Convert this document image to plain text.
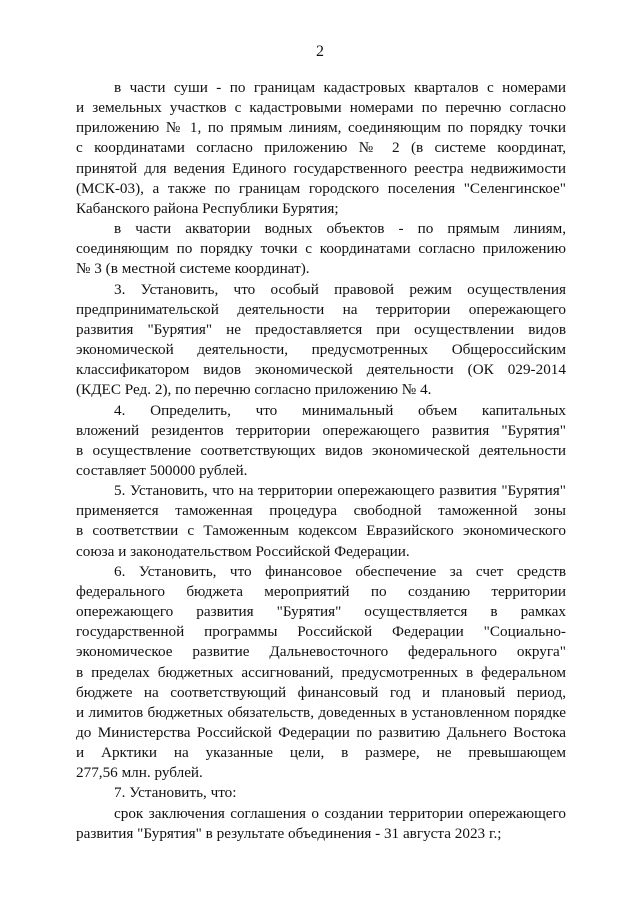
2
в части суши - по границам кадастровых кварталов с номерами
и земельных участков с кадастровыми номерами по перечню согласно
приложению № 1, по прямым линиям, соединяющим по порядку точки
с координатами согласно приложению № 2 (в системе координат,
принятой для ведения Единого государственного реестра недвижимости
(МСК-03), а также по границам городского поселения "Селенгинское"
Кабанского района Республики Бурятия;
в части акватории водных объектов - по прямым линиям,
соединяющим по порядку точки с координатами согласно приложению
№ 3 (в местной системе координат).
3. Установить, что особый правовой режим осуществления
предпринимательской деятельности на территории опережающего
развития "Бурятия" не предоставляется при осуществлении видов
экономической деятельности, предусмотренных Общероссийским
классификатором видов экономической деятельности (ОК 029-2014
(КДЕС Ред. 2), по перечню согласно приложению № 4.
4. Определить, что минимальный объем капитальных
вложений резидентов территории опережающего развития "Бурятия"
в осуществление соответствующих видов экономической деятельности
составляет 500000 рублей.
5. Установить, что на территории опережающего развития "Бурятия"
применяется таможенная процедура свободной таможенной зоны
в соответствии с Таможенным кодексом Евразийского экономического
союза и законодательством Российской Федерации.
6. Установить, что финансовое обеспечение за счет средств
федерального бюджета мероприятий по созданию территории
опережающего развития "Бурятия" осуществляется в рамках
государственной программы Российской Федерации "Социально-
экономическое развитие Дальневосточного федерального округа"
в пределах бюджетных ассигнований, предусмотренных в федеральном
бюджете на соответствующий финансовый год и плановый период,
и лимитов бюджетных обязательств, доведенных в установленном порядке
до Министерства Российской Федерации по развитию Дальнего Востока
и Арктики на указанные цели, в размере, не превышающем
277,56 млн. рублей.
7. Установить, что:
срок заключения соглашения о создании территории опережающего
развития "Бурятия" в результате объединения - 31 августа 2023 г.;
